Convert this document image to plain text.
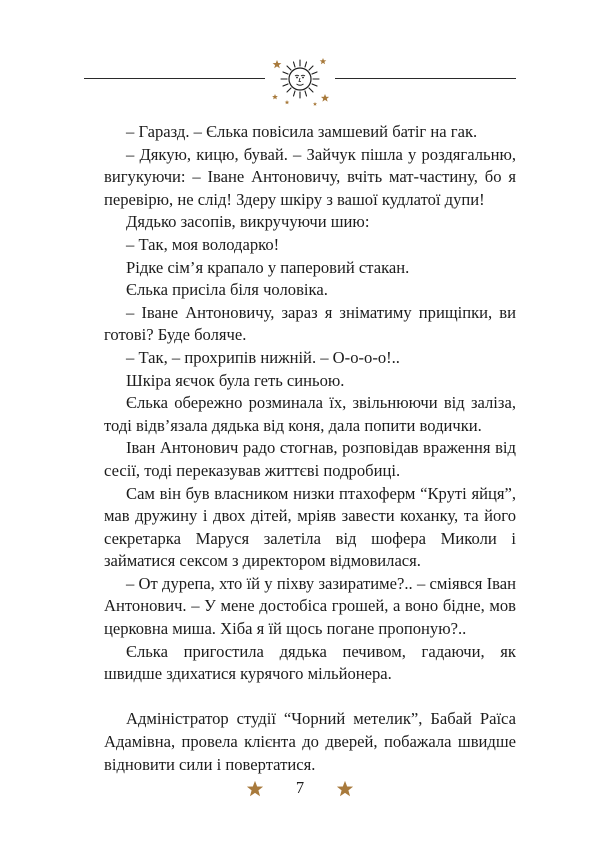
– Гаразд. – Єлька повісила замшевий батіг на гак.

– Дякую, кицю, бувай. – Зайчук пішла у роздягальню, вигукуючи: – Іване Антоновичу, вчіть мат-частину, бо я перевірю, не слід! Здеру шкіру з вашої кудлатої дупи!

Дядько засопів, викручуючи шию:

– Так, моя володарко!

Рідке сім’я крапало у паперовий стакан.

Єлька присіла біля чоловіка.

– Іване Антоновичу, зараз я зніматиму прищіпки, ви готові? Буде боляче.

– Так, – прохрипів нижній. – О-о-о-о!..

Шкіра яєчок була геть синьою.

Єлька обережно розминала їх, звільнюючи від заліза, тоді відв’язала дядька від коня, дала попити водички.

Іван Антонович радо стогнав, розповідав враження від сесії, тоді переказував життєві подробиці.

Сам він був власником низки птахоферм “Круті яйця”, мав дружину і двох дітей, мріяв завести коханку, та його секретарка Маруся залетіла від шофера Миколи і займатися сексом з директором відмовилася.

– От дурепа, хто їй у піхву зазиратиме?.. – сміявся Іван Антонович. – У мене достобіса грошей, а воно бідне, мов церковна миша. Хіба я їй щось погане пропоную?..

Єлька пригостила дядька печивом, гадаючи, як швидше здихатися курячого мільйонера.

Адміністратор студії “Чорний метелик”, Бабай Раїса Адамівна, провела клієнта до дверей, побажала швидше відновити сили і повертатися.

7
